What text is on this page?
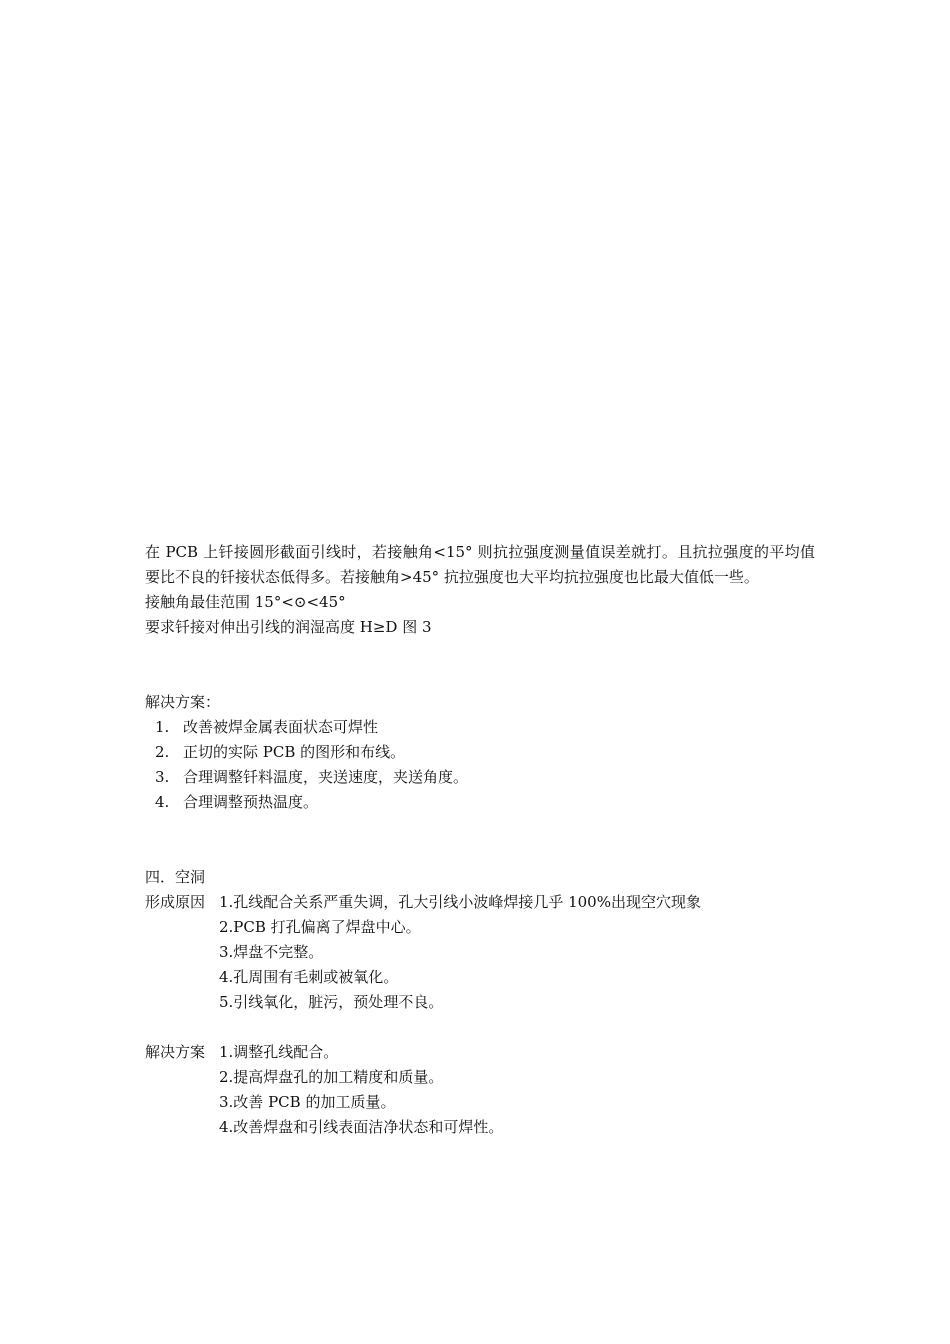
在 PCB 上钎接圆形截面引线时，若接触角<15° 则抗拉强度测量值误差就打。且抗拉强度的平均值要比不良的钎接状态低得多。若接触角>45° 抗拉强度也大平均抗拉强度也比最大值低一些。

接触角最佳范围 15°<⊙<45°

要求钎接对伸出引线的润湿高度 H≥D 图 3

解决方案：

1. 改善被焊金属表面状态可焊性
2. 正切的实际 PCB 的图形和布线。
3. 合理调整钎料温度，夹送速度，夹送角度。
4. 合理调整预热温度。

四．空洞

形成原因 1.孔线配合关系严重失调，孔大引线小波峰焊接几乎 100%出现空穴现象
2.PCB 打孔偏离了焊盘中心。
3.焊盘不完整。
4.孔周围有毛刺或被氧化。
5.引线氧化，脏污，预处理不良。
解决方案 1.调整孔线配合。
2.提高焊盘孔的加工精度和质量。
3.改善 PCB 的加工质量。
4.改善焊盘和引线表面洁净状态和可焊性。
